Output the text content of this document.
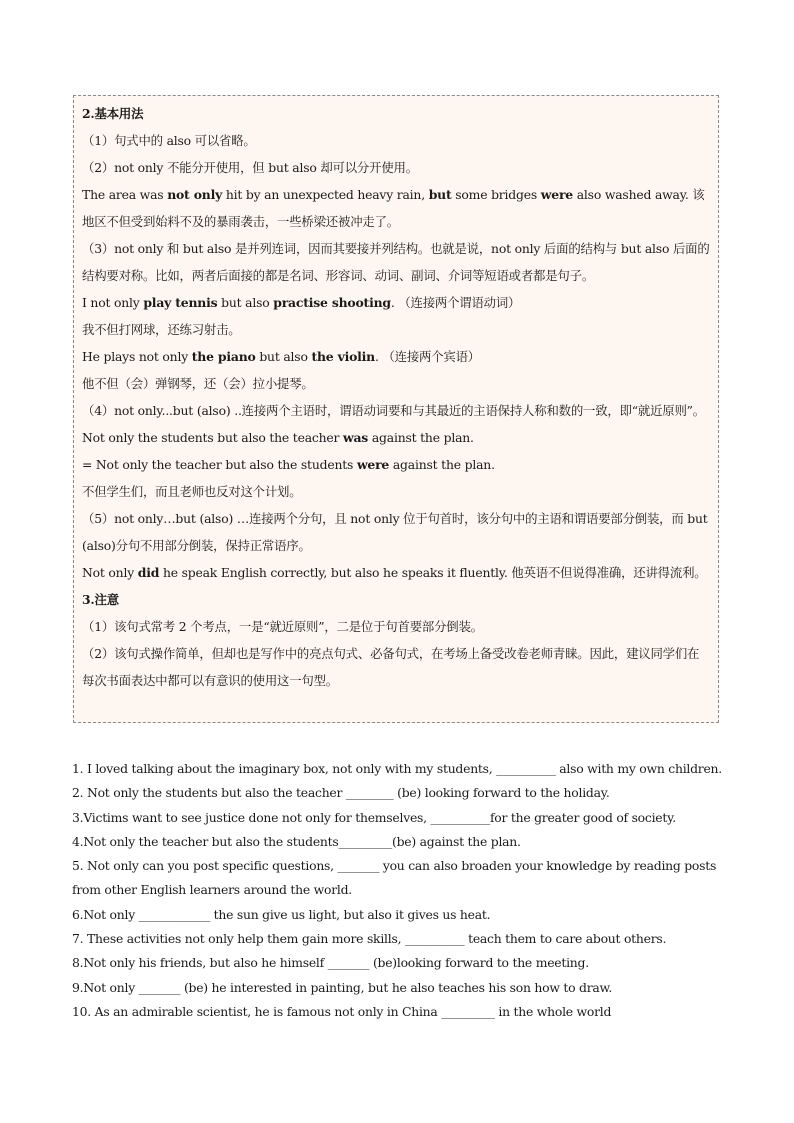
2.基本用法

（1）句式中的 also 可以省略。

（2）not only 不能分开使用，但 but also 却可以分开使用。

The area was not only hit by an unexpected heavy rain, but some bridges were also washed away. 该地区不但受到始料不及的暴雨袭击，一些桥梁还被冲走了。

（3）not only 和 but also 是并列连词，因而其要接并列结构。也就是说，not only 后面的结构与 but also 后面的结构要对称。比如，两者后面接的都是名词、形容词、动词、副词、介词等短语或者都是句子。

I not only play tennis but also practise shooting. （连接两个谓语动词）

我不但打网球，还练习射击。

He plays not only the piano but also the violin. （连接两个宾语）

他不但（会）弹钢琴，还（会）拉小提琴。

（4）not only...but (also) ..连接两个主语时，谓语动词要和与其最近的主语保持人称和数的一致，即“就近原则”。

Not only the students but also the teacher was against the plan.

= Not only the teacher but also the students were against the plan.

不但学生们，而且老师也反对这个计划。

（5）not only…but (also) …连接两个分句，且 not only 位于句首时，该分句中的主语和谓语要部分倒装，而 but (also)分句不用部分倒装，保持正常语序。

Not only did he speak English correctly, but also he speaks it fluently. 他英语不但说得准确，还讲得流利。

3.注意

（1）该句式常考 2 个考点，一是“就近原则”，二是位于句首要部分倒装。

（2）该句式操作简单，但却也是写作中的亮点句式、必备句式，在考场上备受改卷老师青睐。因此，建议同学们在每次书面表达中都可以有意识的使用这一句型。

1. I loved talking about the imaginary box, not only with my students, __________ also with my own children.

2. Not only the students but also the teacher ________ (be) looking forward to the holiday.

3.Victims want to see justice done not only for themselves, __________for the greater good of society.

4.Not only the teacher but also the students_________(be) against the plan.

5. Not only can you post specific questions, _______ you can also broaden your knowledge by reading posts from other English learners around the world.

6.Not only ____________ the sun give us light, but also it gives us heat.

7. These activities not only help them gain more skills, __________ teach them to care about others.

8.Not only his friends, but also he himself _______ (be)looking forward to the meeting.

9.Not only _______ (be) he interested in painting, but he also teaches his son how to draw.

10. As an admirable scientist, he is famous not only in China _________ in the whole world
